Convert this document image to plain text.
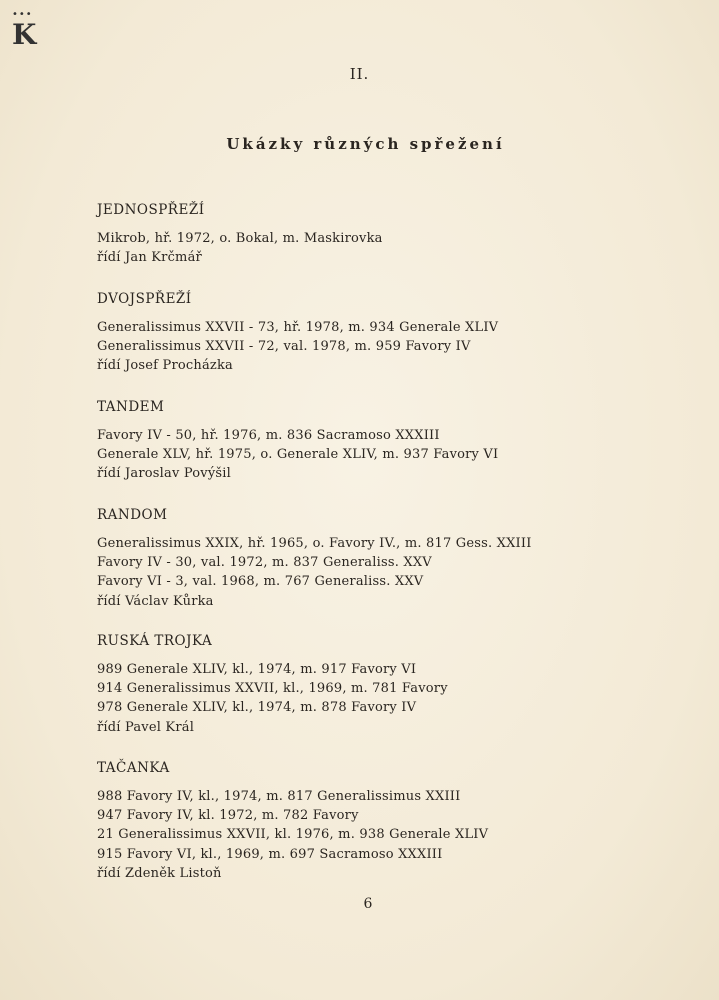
•••
K
II.
Ukázky různých spřežení
JEDNOSPŘEŽÍ
Mikrob, hř. 1972, o. Bokal, m. Maskirovka
řídí Jan Krčmář
DVOJSPŘEŽÍ
Generalissimus XXVII - 73, hř. 1978, m. 934 Generale XLIV
Generalissimus XXVII - 72, val. 1978, m. 959 Favory IV
řídí Josef Procházka
TANDEM
Favory IV - 50, hř. 1976, m. 836 Sacramoso XXXIII
Generale XLV, hř. 1975, o. Generale XLIV, m. 937 Favory VI
řídí Jaroslav Povýšil
RANDOM
Generalissimus XXIX, hř. 1965, o. Favory IV., m. 817 Gess. XXIII
Favory IV - 30, val. 1972, m. 837 Generaliss. XXV
Favory VI - 3, val. 1968, m. 767 Generaliss. XXV
řídí Václav Kůrka
RUSKÁ TROJKA
989 Generale XLIV, kl., 1974, m. 917 Favory VI
914 Generalissimus XXVII, kl., 1969, m. 781 Favory
978 Generale XLIV, kl., 1974, m. 878 Favory IV
řídí Pavel Král
TAČANKA
988 Favory IV, kl., 1974, m. 817 Generalissimus XXIII
947 Favory IV, kl. 1972, m. 782 Favory
21 Generalissimus XXVII, kl. 1976, m. 938 Generale XLIV
915 Favory VI, kl., 1969, m. 697 Sacramoso XXXIII
řídí Zdeněk Listoň
6
